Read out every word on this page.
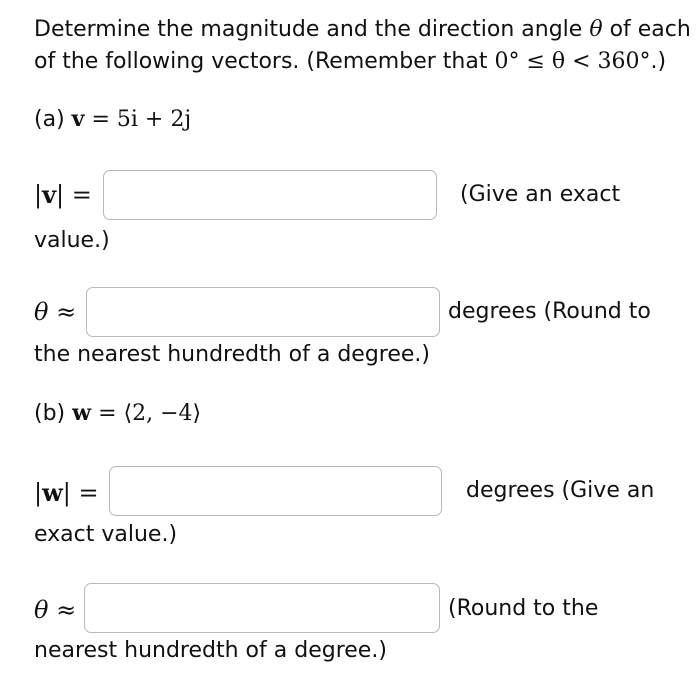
Determine the magnitude and the direction angle θ of each
of the following vectors. (Remember that 0° ≤ θ < 360°.)
(a) v = 5i + 2j
|v| =	(Give an exact
value.)
θ ≈	degrees (Round to
the nearest hundredth of a degree.)
(b) w = ⟨2, −4⟩
|w| =	degrees (Give an
exact value.)
θ ≈	(Round to the
nearest hundredth of a degree.)
